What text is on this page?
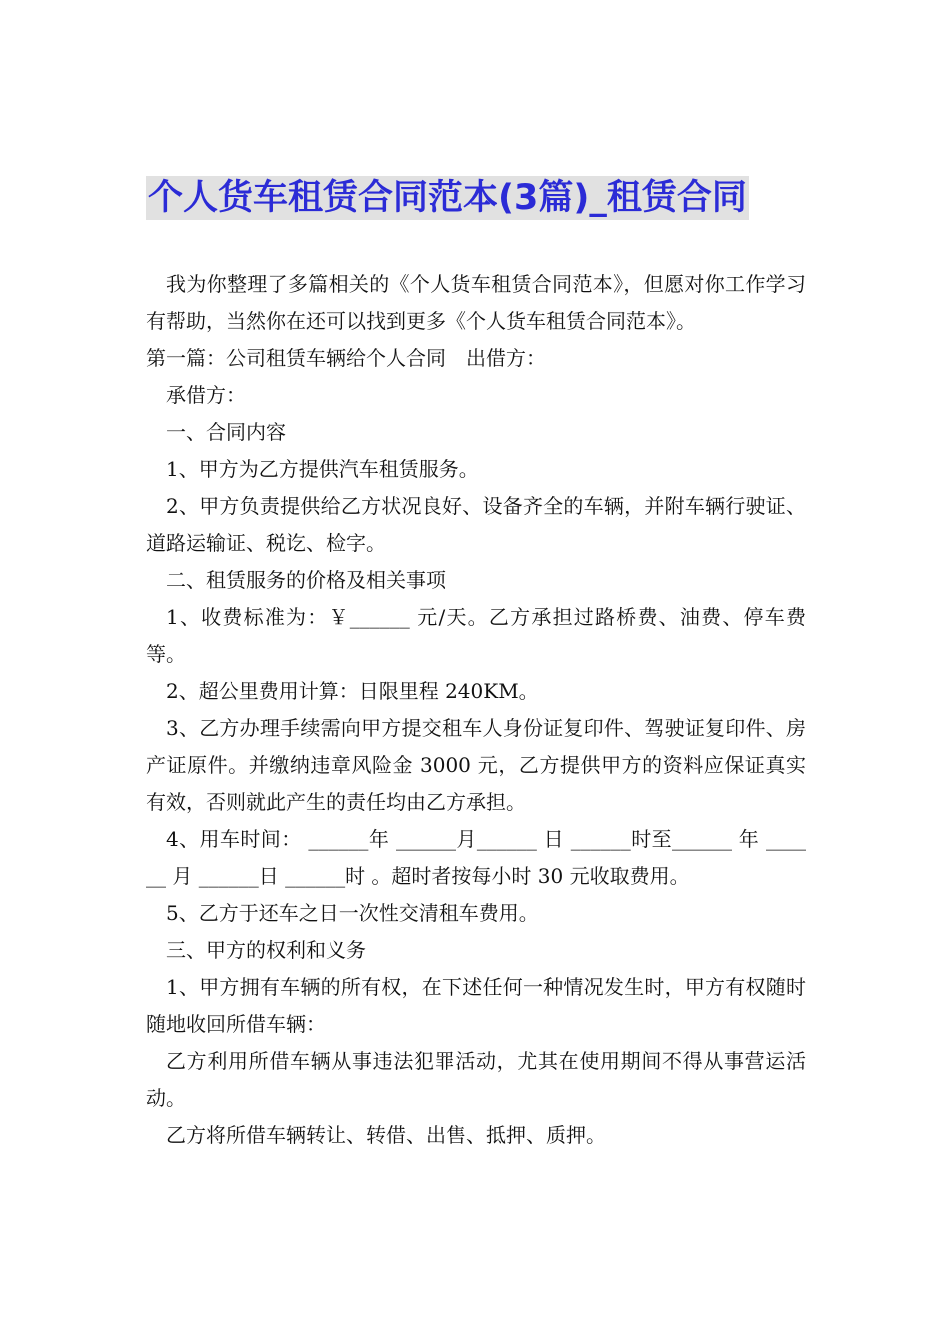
个人货车租赁合同范本(3篇)_租赁合同

我为你整理了多篇相关的《个人货车租赁合同范本》，但愿对你工作学习有帮助，当然你在还可以找到更多《个人货车租赁合同范本》。

第一篇：公司租赁车辆给个人合同　出借方：

承借方：

一、合同内容

1、甲方为乙方提供汽车租赁服务。

2、甲方负责提供给乙方状况良好、设备齐全的车辆，并附车辆行驶证、道路运输证、税讫、检字。

二、租赁服务的价格及相关事项

1、收费标准为：￥______ 元/天。乙方承担过路桥费、油费、停车费等。

2、超公里费用计算：日限里程 240KM。

3、乙方办理手续需向甲方提交租车人身份证复印件、驾驶证复印件、房产证原件。并缴纳违章风险金 3000 元，乙方提供甲方的资料应保证真实有效，否则就此产生的责任均由乙方承担。

4、用车时间： ______年 ______月______ 日 ______时至______ 年 ______ 月 ______日 ______时 。超时者按每小时 30 元收取费用。

5、乙方于还车之日一次性交清租车费用。

三、甲方的权利和义务

1、甲方拥有车辆的所有权，在下述任何一种情况发生时，甲方有权随时随地收回所借车辆：

乙方利用所借车辆从事违法犯罪活动，尤其在使用期间不得从事营运活动。

乙方将所借车辆转让、转借、出售、抵押、质押。
